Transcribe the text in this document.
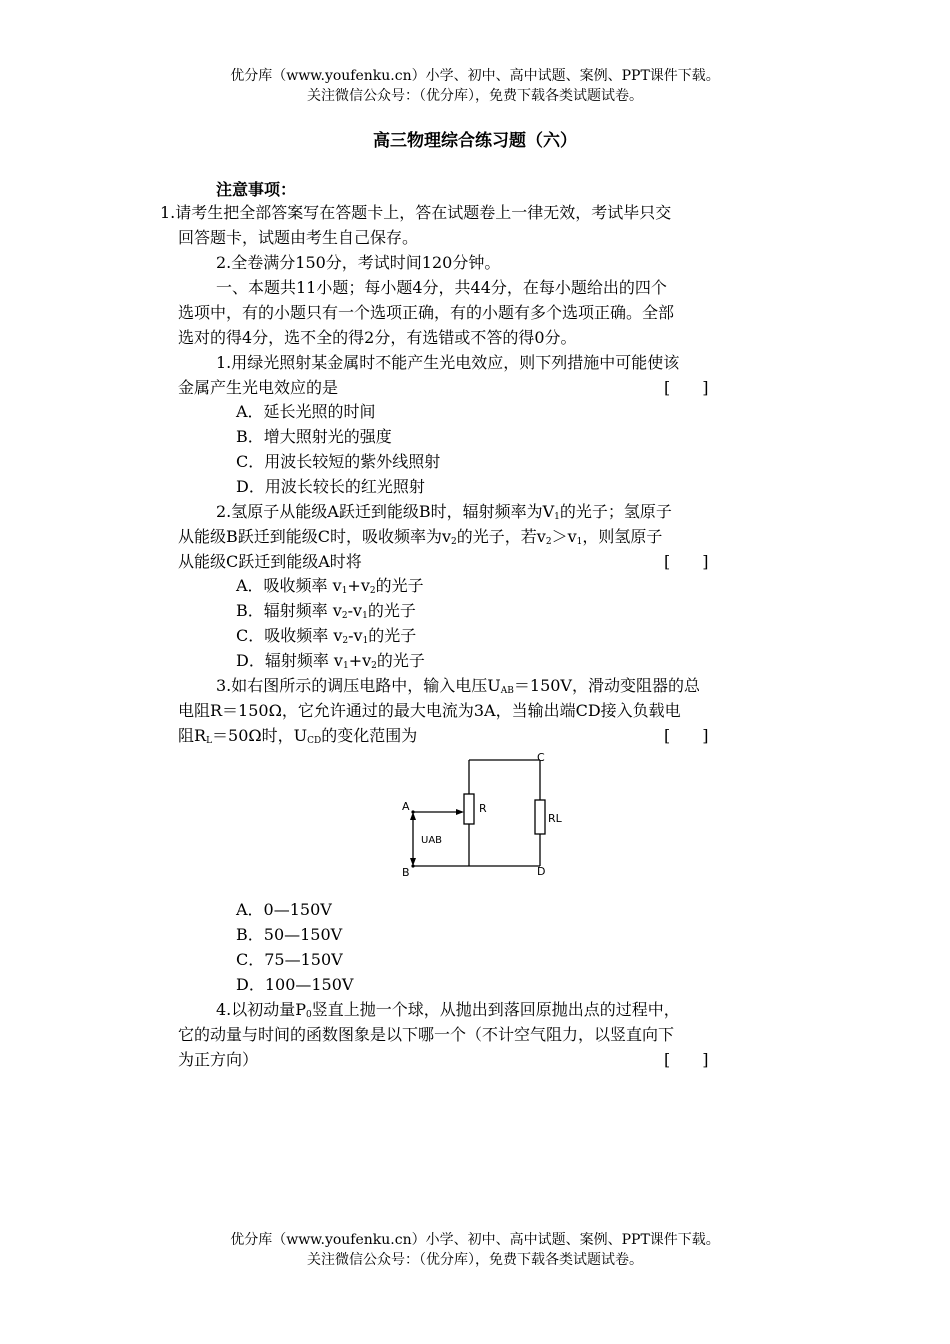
优分库（www.youfenku.cn）小学、初中、高中试题、案例、PPT课件下载。
关注微信公众号：（优分库），免费下载各类试题试卷。
高三物理综合练习题（六）
注意事项：
1.请考生把全部答案写在答题卡上，答在试题卷上一律无效，考试毕只交
回答题卡，试题由考生自己保存。
2.全卷满分150分，考试时间120分钟。
一、本题共11小题；每小题4分，共44分，在每小题给出的四个
选项中，有的小题只有一个选项正确，有的小题有多个选项正确。全部
选对的得4分，选不全的得2分，有选错或不答的得0分。
1.用绿光照射某金属时不能产生光电效应，则下列措施中可能使该
金属产生光电效应的是	[　　]
A．延长光照的时间
B．增大照射光的强度
C．用波长较短的紫外线照射
D．用波长较长的红光照射
2.氢原子从能级A跃迁到能级B时，辐射频率为$V_1$的光子；氢原子
从能级B跃迁到能级C时，吸收频率为$v_2$的光子，若$v_2>v_1$，则氢原子
从能级C跃迁到能级A时将	[　　]
A．吸收频率 $v_1+v_2$的光子
B．辐射频率 $v_2-v_1$的光子
C．吸收频率 $v_2-v_1$的光子
D．辐射频率 $v_1+v_2$的光子
3.如右图所示的调压电路中，输入电压$U_{AB}=150V$，滑动变阻器的总
电阻R＝150Ω，它允许通过的最大电流为3A，当输出端CD接入负载电
阻$R_L=50\Omega$时，$U_{CD}$的变化范围为	[　　]
A
B
C
D
R
RL
UAB
A．0—150V
B．50—150V
C．75—150V
D．100—150V
4.以初动量$P_0$竖直上抛一个球，从抛出到落回原抛出点的过程中，
它的动量与时间的函数图象是以下哪一个（不计空气阻力，以竖直向下
为正方向）	[　　]
优分库（www.youfenku.cn）小学、初中、高中试题、案例、PPT课件下载。
关注微信公众号：（优分库），免费下载各类试题试卷。
